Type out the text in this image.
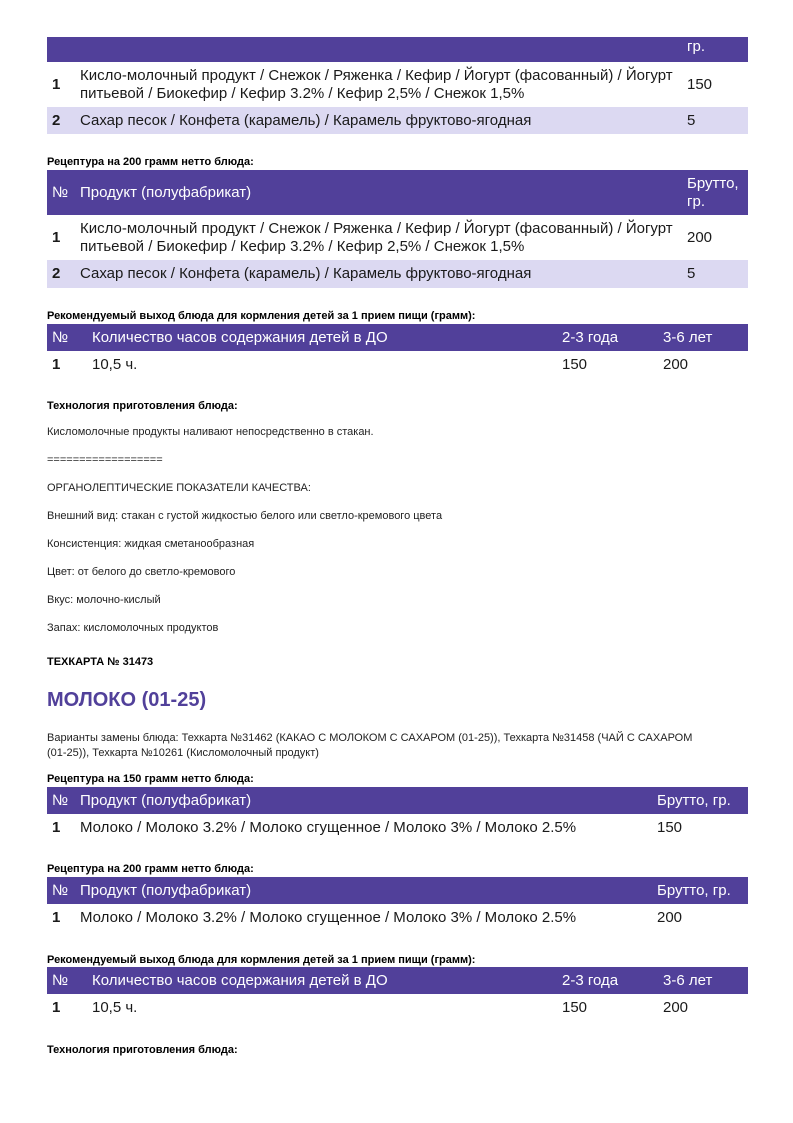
		гр.
1	Кисло-молочный продукт / Снежок / Ряженка / Кефир / Йогурт (фасованный) / Йогурт питьевой / Биокефир / Кефир 3.2% / Кефир 2,5% / Снежок 1,5%	150
2	Сахар песок / Конфета (карамель) / Карамель фруктово-ягодная	5
Рецептура на 200 грамм нетто блюда:
№	Продукт (полуфабрикат)	Брутто, гр.
1	Кисло-молочный продукт / Снежок / Ряженка / Кефир / Йогурт (фасованный) / Йогурт питьевой / Биокефир / Кефир 3.2% / Кефир 2,5% / Снежок 1,5%	200
2	Сахар песок / Конфета (карамель) / Карамель фруктово-ягодная	5
Рекомендуемый выход блюда для кормления детей за 1 прием пищи (грамм):
№	Количество часов содержания детей в ДО	2-3 года	3-6 лет
1	10,5 ч.	150	200
Технология приготовления блюда:
Кисломолочные продукты наливают непосредственно в стакан.
==================
ОРГАНОЛЕПТИЧЕСКИЕ ПОКАЗАТЕЛИ КАЧЕСТВА:
Внешний вид: стакан с густой жидкостью белого или светло-кремового цвета
Консистенция: жидкая сметанообразная
Цвет: от белого до светло-кремового
Вкус: молочно-кислый
Запах: кисломолочных продуктов
ТЕХКАРТА № 31473
МОЛОКО (01-25)
Варианты замены блюда: Техкарта №31462 (КАКАО С МОЛОКОМ С САХАРОМ (01-25)), Техкарта №31458 (ЧАЙ С САХАРОМ (01-25)), Техкарта №10261 (Кисломолочный продукт)
Рецептура на 150 грамм нетто блюда:
№	Продукт (полуфабрикат)	Брутто, гр.
1	Молоко / Молоко 3.2% / Молоко сгущенное / Молоко 3% / Молоко 2.5%	150
Рецептура на 200 грамм нетто блюда:
№	Продукт (полуфабрикат)	Брутто, гр.
1	Молоко / Молоко 3.2% / Молоко сгущенное / Молоко 3% / Молоко 2.5%	200
Рекомендуемый выход блюда для кормления детей за 1 прием пищи (грамм):
№	Количество часов содержания детей в ДО	2-3 года	3-6 лет
1	10,5 ч.	150	200
Технология приготовления блюда:
